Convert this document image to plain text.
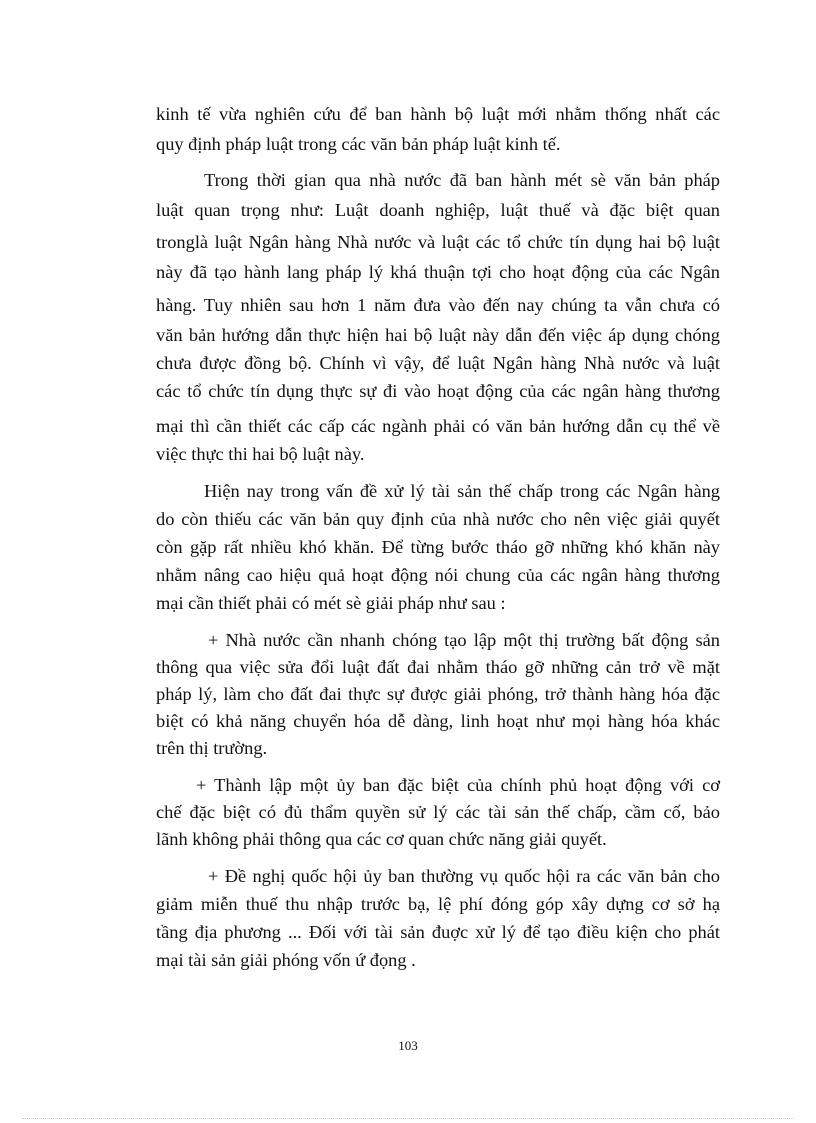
kinh tế vừa nghiên cứu để ban hành bộ luật mới nhằm thống nhất các
quy định pháp luật trong các văn bản pháp luật kinh tế.
Trong thời gian qua nhà nước đã ban hành mét sè văn bản pháp
luật quan trọng như: Luật doanh nghiệp, luật thuế và đặc biệt quan
tronglà luật Ngân hàng Nhà nước và luật các tổ chức tín dụng hai bộ luật
này đã tạo hành lang pháp lý khá thuận tợi cho hoạt động của các Ngân
hàng. Tuy nhiên sau hơn 1 năm đưa vào đến nay chúng ta vẫn chưa có
văn bản hướng dẫn thực hiện hai bộ luật này dẫn đến việc áp dụng chóng
chưa được đồng bộ. Chính vì vậy, để luật Ngân hàng Nhà nước và luật
các tổ chức tín dụng thực sự đi vào hoạt động của các ngân hàng thương
mại thì cần thiết các cấp các ngành phải có văn bản hướng dẫn cụ thể về
việc thực thi hai bộ luật này.
Hiện nay trong vấn đề xử lý tài sản thế chấp trong các Ngân hàng
do còn thiếu các văn bản quy định của nhà nước cho nên việc giải quyết
còn gặp rất nhiều khó khăn. Để từng bước tháo gỡ những khó khăn này
nhằm nâng cao hiệu quả hoạt động nói chung của các ngân hàng thương
mại cần thiết phải có mét sè giải pháp như sau :
+ Nhà nước cần nhanh chóng tạo lập một thị trường bất động sản
thông qua việc sửa đổi luật đất đai nhằm tháo gỡ những cản trở về mặt
pháp lý, làm cho đất đai thực sự được giải phóng, trở thành hàng hóa đặc
biệt có khả năng chuyển hóa dễ dàng, linh hoạt như mọi hàng hóa khác
trên thị trường.
+ Thành lập một ủy ban đặc biệt của chính phủ hoạt động với cơ
chế đặc biệt có đủ thẩm quyền sử lý các tài sản thế chấp, cầm cố, bảo
lãnh không phải thông qua các cơ quan chức năng giải quyết.
+ Đề nghị quốc hội ủy ban thường vụ quốc hội ra các văn bản cho
giảm miễn thuế thu nhập trước bạ, lệ phí đóng góp xây dựng cơ sở hạ
tầng địa phương ... Đối với tài sản đuợc xử lý để tạo điều kiện cho phát
mại tài sản giải phóng vốn ứ đọng .
103
